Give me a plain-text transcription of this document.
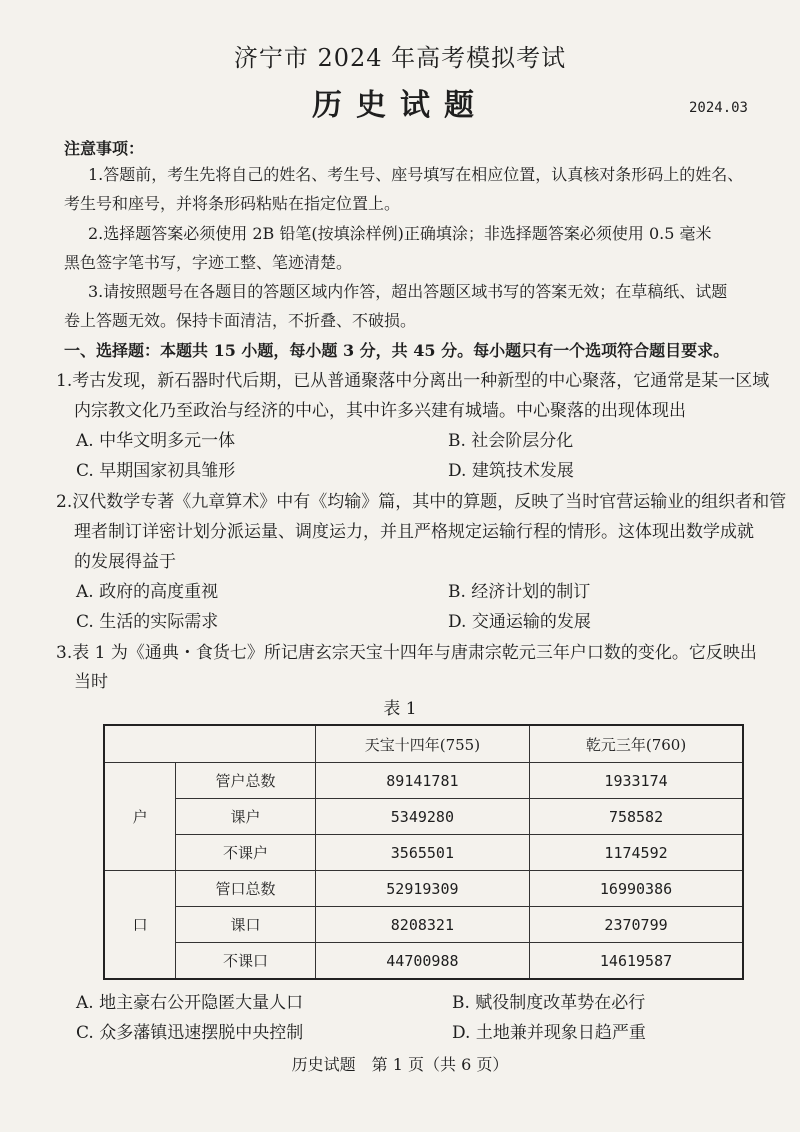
济宁市 2024 年高考模拟考试
历史试题	2024.03
注意事项：
1.答题前，考生先将自己的姓名、考生号、座号填写在相应位置，认真核对条形码上的姓名、
考生号和座号，并将条形码粘贴在指定位置上。
2.选择题答案必须使用 2B 铅笔(按填涂样例)正确填涂；非选择题答案必须使用 0.5 毫米
黑色签字笔书写，字迹工整、笔迹清楚。
3.请按照题号在各题目的答题区域内作答，超出答题区域书写的答案无效；在草稿纸、试题
卷上答题无效。保持卡面清洁，不折叠、不破损。
一、选择题：本题共 15 小题，每小题 3 分，共 45 分。每小题只有一个选项符合题目要求。
1.考古发现，新石器时代后期，已从普通聚落中分离出一种新型的中心聚落，它通常是某一区域
内宗教文化乃至政治与经济的中心，其中许多兴建有城墙。中心聚落的出现体现出
A. 中华文明多元一体	B. 社会阶层分化
C. 早期国家初具雏形	D. 建筑技术发展
2.汉代数学专著《九章算术》中有《均输》篇，其中的算题，反映了当时官营运输业的组织者和管
理者制订详密计划分派运量、调度运力，并且严格规定运输行程的情形。这体现出数学成就
的发展得益于
A. 政府的高度重视	B. 经济计划的制订
C. 生活的实际需求	D. 交通运输的发展
3.表 1 为《通典・食货七》所记唐玄宗天宝十四年与唐肃宗乾元三年户口数的变化。它反映出
当时
表 1
		天宝十四年(755)	乾元三年(760)
户	管户总数	89141781	1933174
	课户	5349280	758582
	不课户	3565501	1174592
口	管口总数	52919309	16990386
	课口	8208321	2370799
	不课口	44700988	14619587
A. 地主豪右公开隐匿大量人口	B. 赋役制度改革势在必行
C. 众多藩镇迅速摆脱中央控制	D. 土地兼并现象日趋严重
历史试题　第 1 页（共 6 页）
